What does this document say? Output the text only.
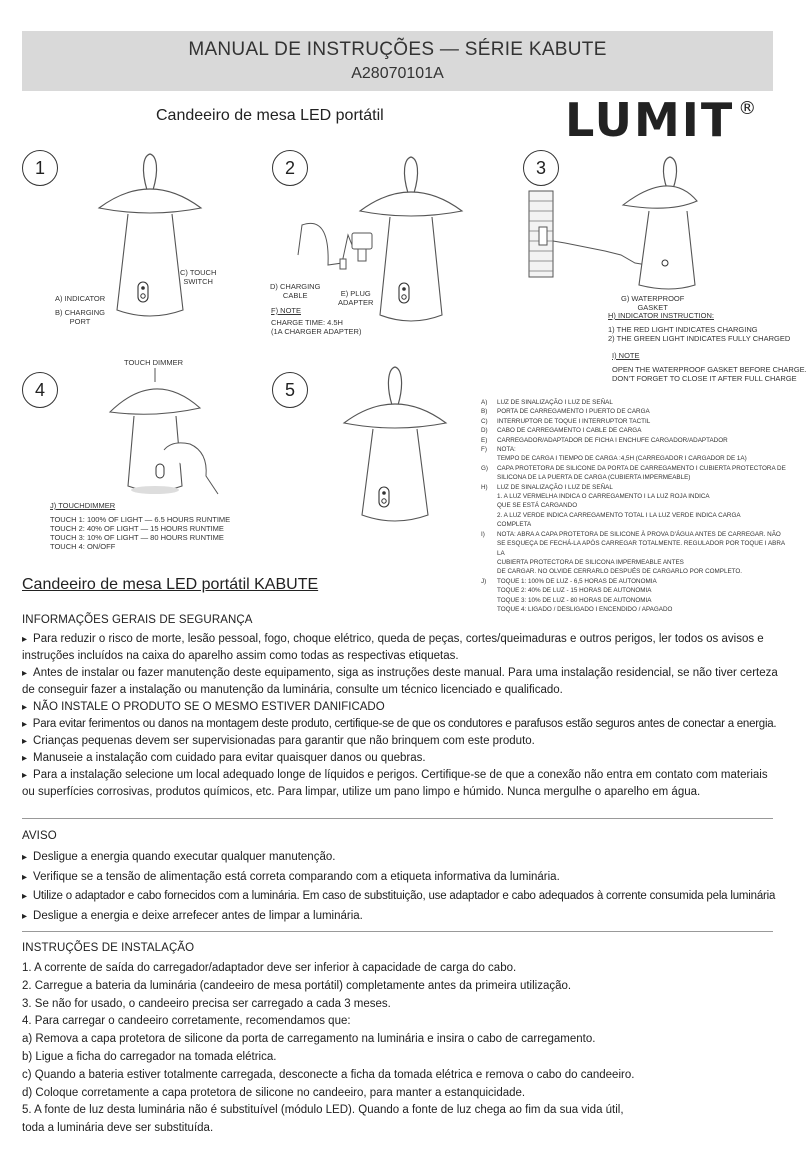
MANUAL DE INSTRUÇÕES — SÉRIE KABUTE
A28070101A
Candeeiro de mesa LED portátil	LUMIT ®
1	2	3
4	5
C) TOUCH
SWITCH
A) INDICATOR
B) CHARGING
PORT
D) CHARGING
CABLE	E) PLUG
ADAPTER
F) NOTE
CHARGE TIME: 4.5H
(1A CHARGER ADAPTER)
G) WATERPROOF
GASKET
H) INDICATOR INSTRUCTION:
1) THE RED LIGHT INDICATES CHARGING
2) THE GREEN LIGHT INDICATES FULLY CHARGED
I) NOTE
OPEN THE WATERPROOF GASKET BEFORE CHARGE.
DON'T FORGET TO CLOSE IT AFTER FULL CHARGE
TOUCH DIMMER
J) TOUCHDIMMER
TOUCH 1: 100% OF LIGHT — 6.5 HOURS RUNTIME
TOUCH 2: 40% OF LIGHT — 15 HOURS RUNTIME
TOUCH 3: 10% OF LIGHT — 80 HOURS RUNTIME
TOUCH 4: ON/OFF
A)	LUZ DE SINALIZAÇÃO I LUZ DE SEÑAL
B)	PORTA DE CARREGAMENTO I PUERTO DE CARGA
C)	INTERRUPTOR DE TOQUE I INTERRUPTOR TACTIL
D)	CABO DE CARREGAMENTO I CABLE DE CARGA
E)	CARREGADOR/ADAPTADOR DE FICHA I ENCHUFE CARGADOR/ADAPTADOR
F)	NOTA:
TEMPO DE CARGA I TIEMPO DE CARGA :4,5H (CARREGADOR I CARGADOR DE 1A)
G)	CAPA PROTETORA DE SILICONE DA PORTA DE CARREGAMENTO I CUBIERTA PROTECTORA DE
SILICONA DE LA PUERTA DE CARGA (CUBIERTA IMPERMEABLE)
H)	LUZ DE SINALIZAÇÃO I LUZ DE SEÑAL
1. A LUZ VERMELHA INDICA O CARREGAMENTO I LA LUZ ROJA INDICA
QUE SE ESTÁ CARGANDO
2. A LUZ VERDE INDICA CARREGAMENTO TOTAL I LA LUZ VERDE INDICA CARGA
COMPLETA
I)	NOTA: ABRA A CAPA PROTETORA DE SILICONE À PROVA D'ÁGUA ANTES DE CARREGAR. NÃO
SE ESQUEÇA DE FECHÁ-LA APÓS CARREGAR TOTALMENTE. REGULADOR POR TOQUE I ABRA LA
CUBIERTA PROTECTORA DE SILICONA IMPERMEABLE ANTES
DE CARGAR. NO OLVIDE CERRARLO DESPUÉS DE CARGARLO POR COMPLETO.
J)	TOQUE 1: 100% DE LUZ - 6,5 HORAS DE AUTONOMIA
TOQUE 2: 40% DE LUZ - 15 HORAS DE AUTONOMIA
TOQUE 3: 10% DE LUZ - 80 HORAS DE AUTONOMIA
TOQUE 4: LIGADO / DESLIGADO I ENCENDIDO / APAGADO
Candeeiro de mesa LED portátil KABUTE
INFORMAÇÕES GERAIS DE SEGURANÇA
▸ Para reduzir o risco de morte, lesão pessoal, fogo, choque elétrico, queda de peças, cortes/queimaduras e outros perigos, ler todos os avisos e instruções incluídos na caixa do aparelho assim como todas as respectivas etiquetas.
▸ Antes de instalar ou fazer manutenção deste equipamento, siga as instruções deste manual. Para uma instalação residencial, se não tiver certeza de conseguir fazer a instalação ou manutenção da luminária, consulte um técnico licenciado e qualificado.
▸ NÃO INSTALE O PRODUTO SE O MESMO ESTIVER DANIFICADO
▸ Para evitar ferimentos ou danos na montagem deste produto, certifique-se de que os condutores e parafusos estão seguros antes de conectar a energia.
▸ Crianças pequenas devem ser supervisionadas para garantir que não brinquem com este produto.
▸ Manuseie a instalação com cuidado para evitar quaisquer danos ou quebras.
▸ Para a instalação selecione um local adequado longe de líquidos e perigos. Certifique-se de que a conexão não entra em contato com materiais ou superfícies corrosivas, produtos químicos, etc. Para limpar, utilize um pano limpo e húmido. Nunca mergulhe o aparelho em água.
AVISO
▸ Desligue a energia quando executar qualquer manutenção.
▸ Verifique se a tensão de alimentação está correta comparando com a etiqueta informativa da luminária.
▸ Utilize o adaptador e cabo fornecidos com a luminária. Em caso de substituição, use adaptador e cabo adequados à corrente consumida pela luminária
▸ Desligue a energia e deixe arrefecer antes de limpar a luminária.
INSTRUÇÕES DE INSTALAÇÃO
1. A corrente de saída do carregador/adaptador deve ser inferior à capacidade de carga do cabo.
2. Carregue a bateria da luminária (candeeiro de mesa portátil) completamente antes da primeira utilização.
3. Se não for usado, o candeeiro precisa ser carregado a cada 3 meses.
4. Para carregar o candeeiro corretamente, recomendamos que:
a) Remova a capa protetora de silicone da porta de carregamento na luminária e insira o cabo de carregamento.
b) Ligue a ficha do carregador na tomada elétrica.
c) Quando a bateria estiver totalmente carregada, desconecte a ficha da tomada elétrica e remova o cabo do candeeiro.
d) Coloque corretamente a capa protetora de silicone no candeeiro, para manter a estanquicidade.
5. A fonte de luz desta luminária não é substituível (módulo LED). Quando a fonte de luz chega ao fim da sua vida útil,
toda a luminária deve ser substituída.
